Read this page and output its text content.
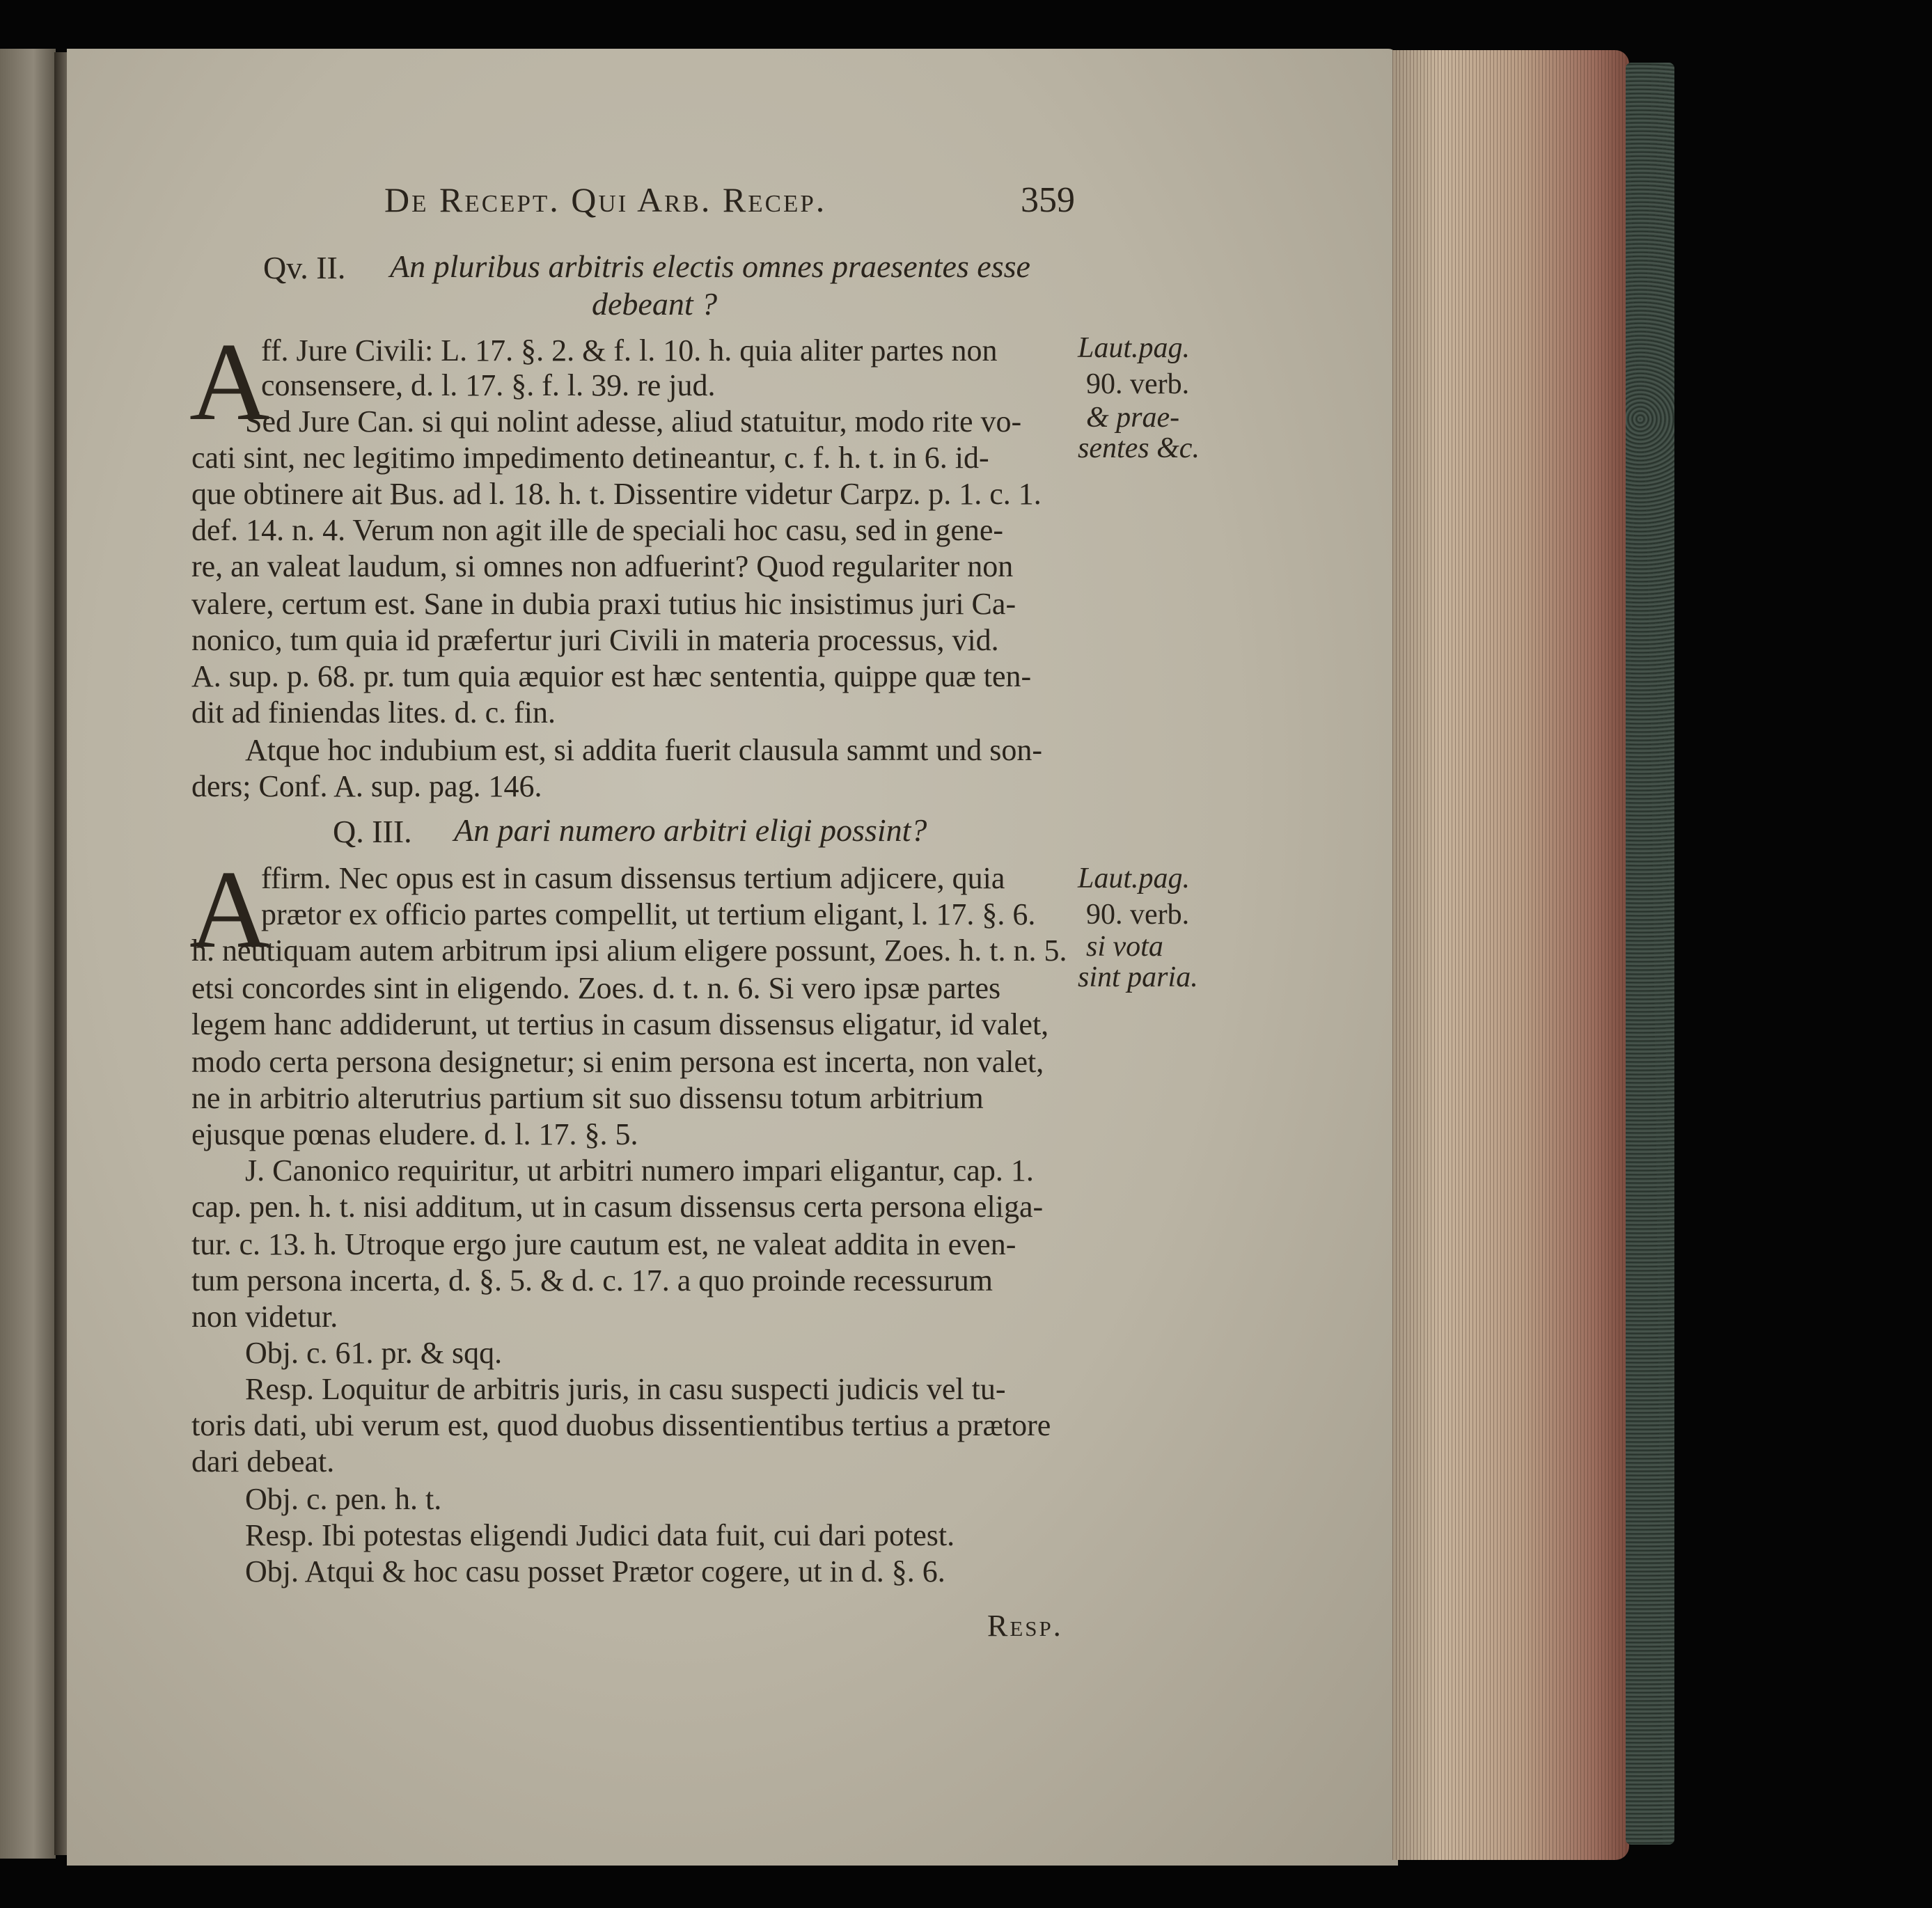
De Recept. Qui Arb. Recep.	359
Qv. II. An pluribus arbitris electis omnes praesentes esse
debeant ?
A
ff. Jure Civili: L. 17. §. 2. & f. l. 10. h. quia aliter partes non
consensere, d. l. 17. §. f. l. 39. re jud.
Sed Jure Can. si qui nolint adesse, aliud statuitur, modo rite vo-
cati sint, nec legitimo impedimento detineantur, c. f. h. t. in 6. id-
que obtinere ait Bus. ad l. 18. h. t. Dissentire videtur Carpz. p. 1. c. 1.
def. 14. n. 4. Verum non agit ille de speciali hoc casu, sed in gene-
re, an valeat laudum, si omnes non adfuerint? Quod regulariter non
valere, certum est. Sane in dubia praxi tutius hic insistimus juri Ca-
nonico, tum quia id præfertur juri Civili in materia processus, vid.
A. sup. p. 68. pr. tum quia æquior est hæc sententia, quippe quæ ten-
dit ad finiendas lites. d. c. fin.
Atque hoc indubium est, si addita fuerit clausula sammt und son-
ders; Conf. A. sup. pag. 146.
Laut.pag.
90. verb.
& prae-
sentes &c.
Q. III. An pari numero arbitri eligi possint?
A
ffirm. Nec opus est in casum dissensus tertium adjicere, quia
prætor ex officio partes compellit, ut tertium eligant, l. 17. §. 6.
h. neutiquam autem arbitrum ipsi alium eligere possunt, Zoes. h. t. n. 5.
etsi concordes sint in eligendo. Zoes. d. t. n. 6. Si vero ipsæ partes
legem hanc addiderunt, ut tertius in casum dissensus eligatur, id valet,
modo certa persona designetur; si enim persona est incerta, non valet,
ne in arbitrio alterutrius partium sit suo dissensu totum arbitrium
ejusque pœnas eludere. d. l. 17. §. 5.
J. Canonico requiritur, ut arbitri numero impari eligantur, cap. 1.
cap. pen. h. t. nisi additum, ut in casum dissensus certa persona eliga-
tur. c. 13. h. Utroque ergo jure cautum est, ne valeat addita in even-
tum persona incerta, d. §. 5. & d. c. 17. a quo proinde recessurum
non videtur.
Obj. c. 61. pr. & sqq.
Resp. Loquitur de arbitris juris, in casu suspecti judicis vel tu-
toris dati, ubi verum est, quod duobus dissentientibus tertius a prætore
dari debeat.
Obj. c. pen. h. t.
Resp. Ibi potestas eligendi Judici data fuit, cui dari potest.
Obj. Atqui & hoc casu posset Prætor cogere, ut in d. §. 6.
Laut.pag.
90. verb.
si vota
sint paria.
Resp.
